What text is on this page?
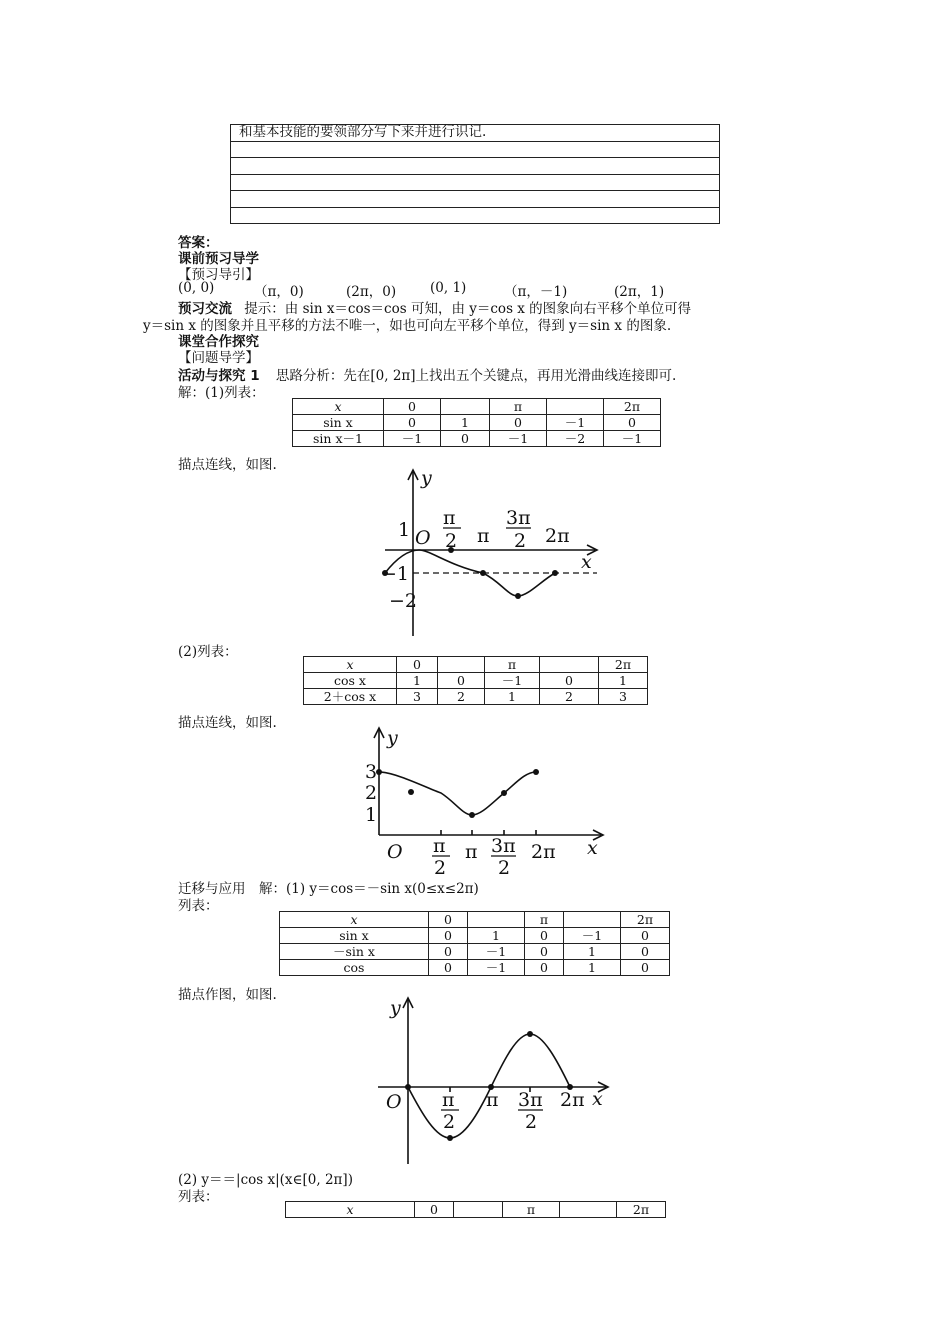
和基本技能的要领部分写下来并进行识记.

答案：
课前预习导学
【预习导引】
(0, 0)	（π，0)	(2π，0)	(0, 1)	（π，－1)	(2π，1)
预习交流 提示：由 sin x＝cos＝cos 可知，由 y＝cos x 的图象向右平移个单位可得
y＝sin x 的图象并且平移的方法不唯一，如也可向左平移个单位，得到 y＝sin x 的图象.
课堂合作探究
【问题导学】
活动与探究 1 思路分析：先在[0, 2π]上找出五个关键点，再用光滑曲线连接即可.
解：(1)列表：
x	0		π		2π
sin x	0	1	0	－1	0
sin x－1	－1	0	－1	－2	－1
描点连线，如图.
y
x
O
1
−1
−2
π
2 π
3π
2 2π
(2)列表：
x	0		π		2π
cos x	1	0	－1	0	1
2＋cos x	3	2	1	2	3
描点连线，如图.
y
x
O
3
2
1
π
2
π 3π
2
2π
迁移与应用　解：(1) y＝cos＝－sin x(0≤x≤2π)
列表：
x	0		π		2π
sin x	0	1	0	－1	0
－sin x	0	－1	0	1	0
cos	0	－1	0	1	0
描点作图，如图.
y
x
O π
2
π 3π
2
2π
(2) y＝＝|cos x|(x∈[0, 2π])
列表：
x	0		π		2π
